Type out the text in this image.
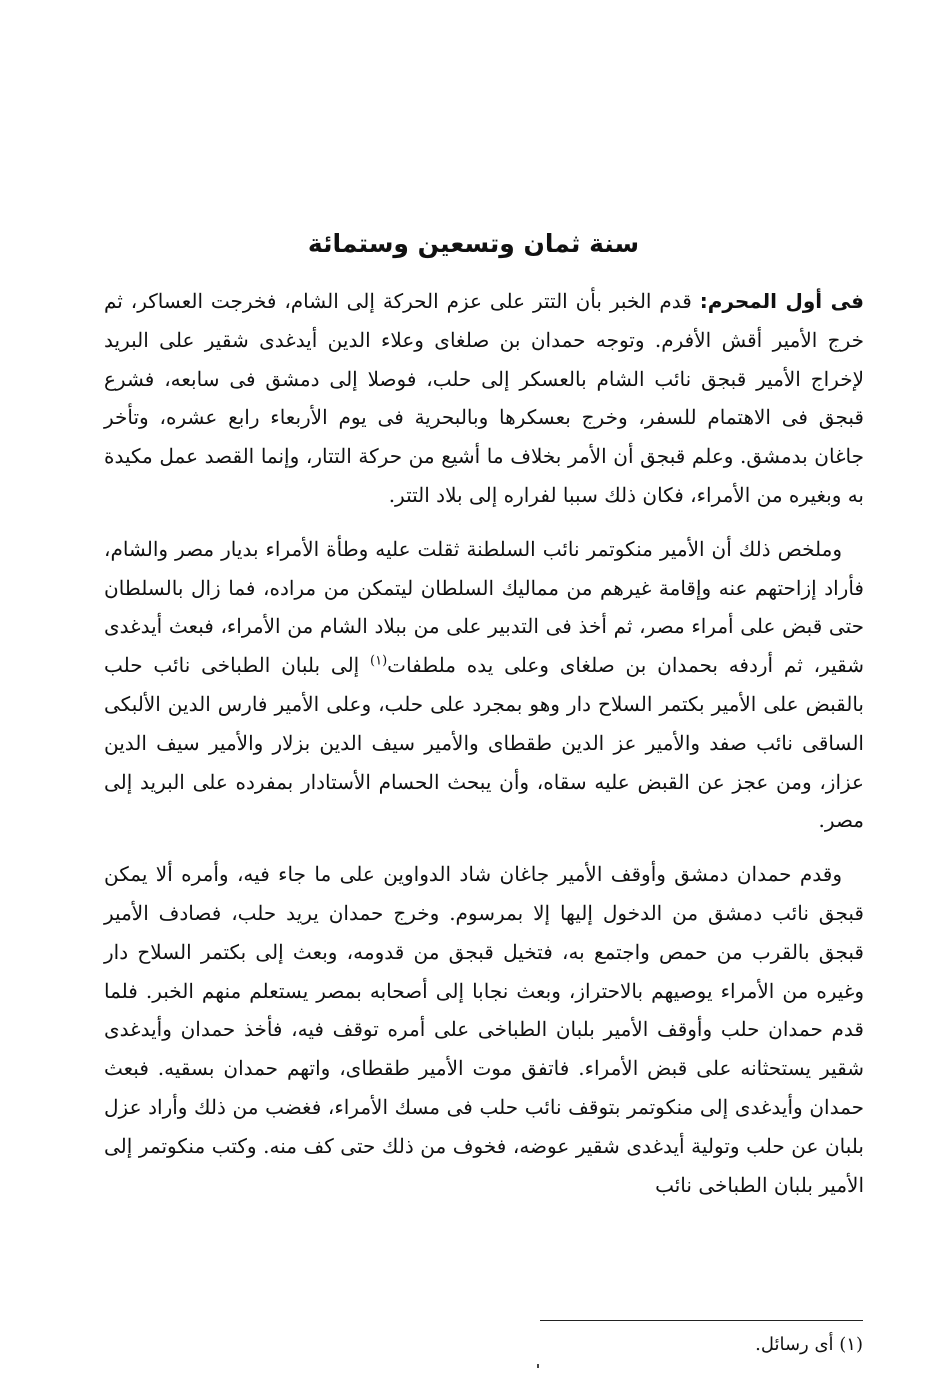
سنة ثمان وتسعين وستمائة

فى أول المحرم: قدم الخبر بأن التتر على عزم الحركة إلى الشام، فخرجت العساكر، ثم خرج الأمير أقش الأفرم. وتوجه حمدان بن صلغاى وعلاء الدين أيدغدى شقير على البريد لإخراج الأمير قبجق نائب الشام بالعسكر إلى حلب، فوصلا إلى دمشق فى سابعه، فشرع قبجق فى الاهتمام للسفر، وخرج بعسكرها وبالبحرية فى يوم الأربعاء رابع عشره، وتأخر جاغان بدمشق. وعلم قبجق أن الأمر بخلاف ما أشيع من حركة التتار، وإنما القصد عمل مكيدة به وبغيره من الأمراء، فكان ذلك سببا لفراره إلى بلاد التتر.

وملخص ذلك أن الأمير منكوتمر نائب السلطنة ثقلت عليه وطأة الأمراء بديار مصر والشام، فأراد إزاحتهم عنه وإقامة غيرهم من مماليك السلطان ليتمكن من مراده، فما زال بالسلطان حتى قبض على أمراء مصر، ثم أخذ فى التدبير على من ببلاد الشام من الأمراء، فبعث أيدغدى شقير، ثم أردفه بحمدان بن صلغاى وعلى يده ملطفات$^{(١)}$ إلى بلبان الطباخى نائب حلب بالقبض على الأمير بكتمر السلاح دار وهو بمجرد على حلب، وعلى الأمير فارس الدين الألبكى الساقى نائب صفد والأمير عز الدين طقطاى والأمير سيف الدين بزلار والأمير سيف الدين عزاز، ومن عجز عن القبض عليه سقاه، وأن يبحث الحسام الأستادار بمفرده على البريد إلى مصر.

وقدم حمدان دمشق وأوقف الأمير جاغان شاد الدواوين على ما جاء فيه، وأمره ألا يمكن قبجق نائب دمشق من الدخول إليها إلا بمرسوم. وخرج حمدان يريد حلب، فصادف الأمير قبجق بالقرب من حمص واجتمع به، فتخيل قبجق من قدومه، وبعث إلى بكتمر السلاح دار وغيره من الأمراء يوصيهم بالاحتراز، وبعث نجابا إلى أصحابه بمصر يستعلم منهم الخبر. فلما قدم حمدان حلب وأوقف الأمير بلبان الطباخى على أمره توقف فيه، فأخذ حمدان وأيدغدى شقير يستحثانه على قبض الأمراء. فاتفق موت الأمير طقطاى، واتهم حمدان بسقيه. فبعث حمدان وأيدغدى إلى منكوتمر بتوقف نائب حلب فى مسك الأمراء، فغضب من ذلك وأراد عزل بلبان عن حلب وتولية أيدغدى شقير عوضه، فخوف من ذلك حتى كف منه. وكتب منكوتمر إلى الأمير بلبان الطباخى نائب

(١) أى رسائل.
